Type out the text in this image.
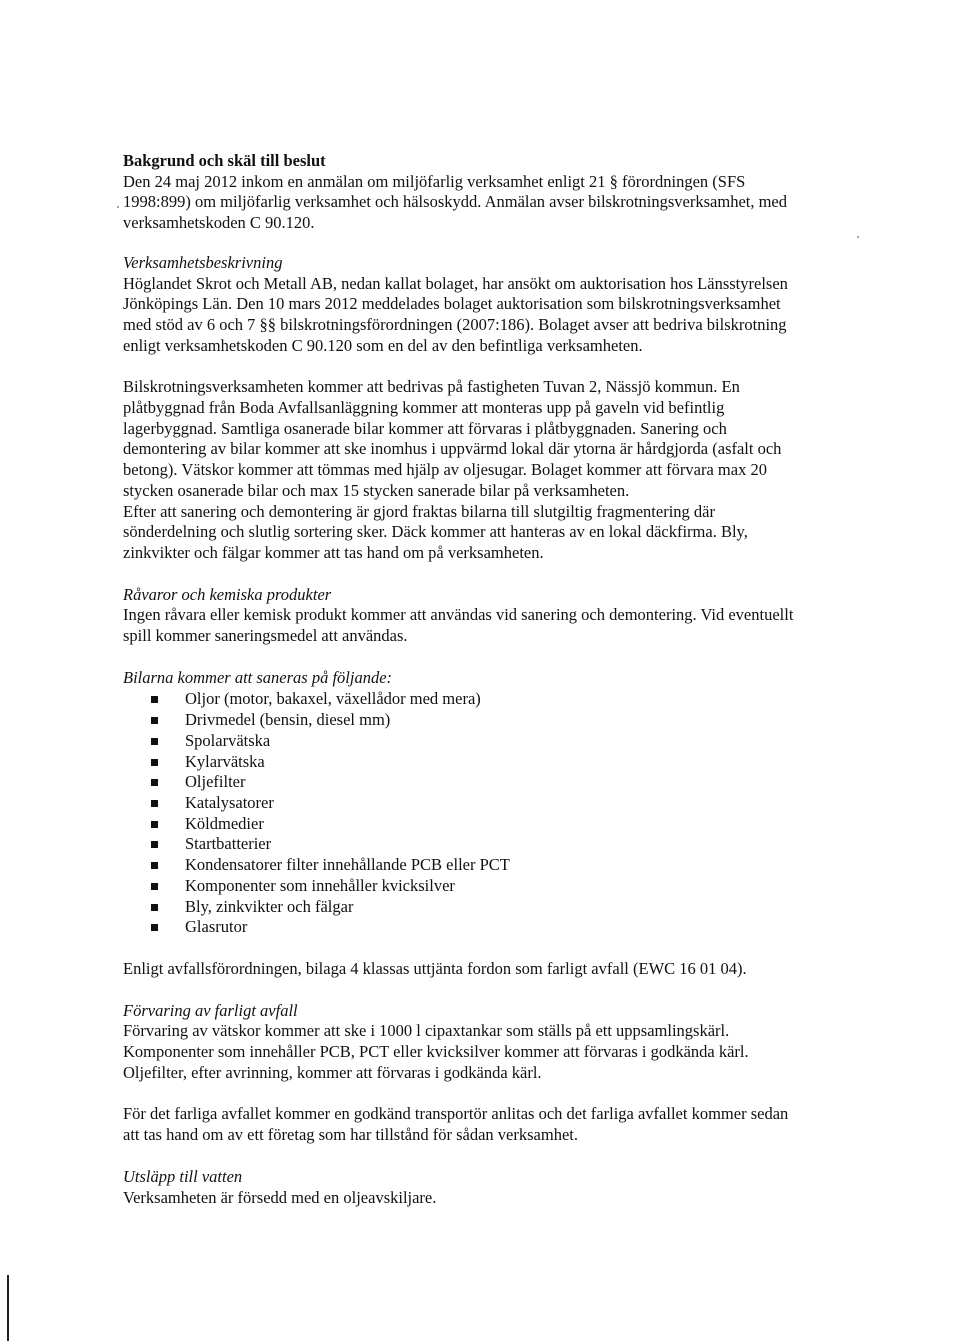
Bakgrund och skäl till beslut

Den 24 maj 2012 inkom en anmälan om miljöfarlig verksamhet enligt 21 § förordningen (SFS

1998:899) om miljöfarlig verksamhet och hälsoskydd. Anmälan avser bilskrotningsverksamhet, med

verksamhetskoden C 90.120.

Verksamhetsbeskrivning

Höglandet Skrot och Metall AB, nedan kallat bolaget, har ansökt om auktorisation hos Länsstyrelsen

Jönköpings Län. Den 10 mars 2012 meddelades bolaget auktorisation som bilskrotningsverksamhet

med stöd av 6 och 7 §§ bilskrotningsförordningen (2007:186). Bolaget avser att bedriva bilskrotning

enligt verksamhetskoden C 90.120 som en del av den befintliga verksamheten.

Bilskrotningsverksamheten kommer att bedrivas på fastigheten Tuvan 2, Nässjö kommun. En

plåtbyggnad från Boda Avfallsanläggning kommer att monteras upp på gaveln vid befintlig

lagerbyggnad. Samtliga osanerade bilar kommer att förvaras i plåtbyggnaden. Sanering och

demontering av bilar kommer att ske inomhus i uppvärmd lokal där ytorna är hårdgjorda (asfalt och

betong). Vätskor kommer att tömmas med hjälp av oljesugar. Bolaget kommer att förvara max 20

stycken osanerade bilar och max 15 stycken sanerade bilar på verksamheten.

Efter att sanering och demontering är gjord fraktas bilarna till slutgiltig fragmentering där

sönderdelning och slutlig sortering sker. Däck kommer att hanteras av en lokal däckfirma. Bly,

zinkvikter och fälgar kommer att tas hand om på verksamheten.

Råvaror och kemiska produkter

Ingen råvara eller kemisk produkt kommer att användas vid sanering och demontering. Vid eventuellt

spill kommer saneringsmedel att användas.

Bilarna kommer att saneras på följande:

Oljor (motor, bakaxel, växellådor med mera)
Drivmedel (bensin, diesel mm)
Spolarvätska
Kylarvätska
Oljefilter
Katalysatorer
Köldmedier
Startbatterier
Kondensatorer filter innehållande PCB eller PCT
Komponenter som innehåller kvicksilver
Bly, zinkvikter och fälgar
Glasrutor

Enligt avfallsförordningen, bilaga 4 klassas uttjänta fordon som farligt avfall (EWC 16 01 04).

Förvaring av farligt avfall

Förvaring av vätskor kommer att ske i 1000 l cipaxtankar som ställs på ett uppsamlingskärl.

Komponenter som innehåller PCB, PCT eller kvicksilver kommer att förvaras i godkända kärl.

Oljefilter, efter avrinning, kommer att förvaras i godkända kärl.

För det farliga avfallet kommer en godkänd transportör anlitas och det farliga avfallet kommer sedan

att tas hand om av ett företag som har tillstånd för sådan verksamhet.

Utsläpp till vatten

Verksamheten är försedd med en oljeavskiljare.
